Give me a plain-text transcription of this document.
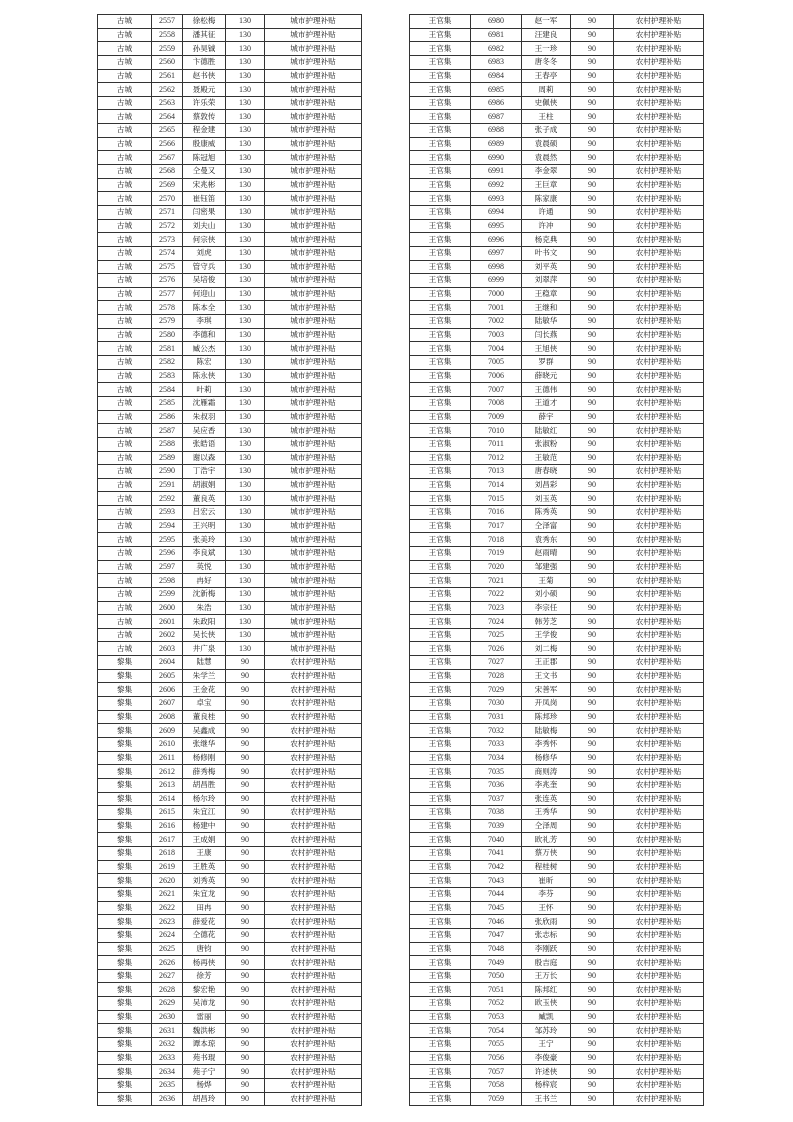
古城	2557	徐松梅	130	城市护理补贴
古城	2558	潘其征	130	城市护理补贴
古城	2559	孙昊铖	130	城市护理补贴
古城	2560	卞德胜	130	城市护理补贴
古城	2561	赵书侠	130	城市护理补贴
古城	2562	聂殿元	130	城市护理补贴
古城	2563	许乐荣	130	城市护理补贴
古城	2564	蔡敦传	130	城市护理补贴
古城	2565	程金建	130	城市护理补贴
古城	2566	殷康威	130	城市护理补贴
古城	2567	陈冠旭	130	城市护理补贴
古城	2568	仝曼又	130	城市护理补贴
古城	2569	宋兆彬	130	城市护理补贴
古城	2570	崔钰笛	130	城市护理补贴
古城	2571	闫密果	130	城市护理补贴
古城	2572	刘夫山	130	城市护理补贴
古城	2573	何宗侠	130	城市护理补贴
古城	2574	刘虎	130	城市护理补贴
古城	2575	管守兵	130	城市护理补贴
古城	2576	吴培俊	130	城市护理补贴
古城	2577	何迎山	130	城市护理补贴
古城	2578	陈本全	130	城市护理补贴
古城	2579	李琪	130	城市护理补贴
古城	2580	李德和	130	城市护理补贴
古城	2581	臧公杰	130	城市护理补贴
古城	2582	陈宏	130	城市护理补贴
古城	2583	陈永侠	130	城市护理补贴
古城	2584	叶莉	130	城市护理补贴
古城	2585	沈雁霜	130	城市护理补贴
古城	2586	朱叔羽	130	城市护理补贴
古城	2587	吴应香	130	城市护理补贴
古城	2588	张皓语	130	城市护理补贴
古城	2589	谢以森	130	城市护理补贴
古城	2590	丁浩宇	130	城市护理补贴
古城	2591	胡淑娟	130	城市护理补贴
古城	2592	董良英	130	城市护理补贴
古城	2593	吕宏云	130	城市护理补贴
古城	2594	王兴明	130	城市护理补贴
古城	2595	张美玲	130	城市护理补贴
古城	2596	李良斌	130	城市护理补贴
古城	2597	英悦	130	城市护理补贴
古城	2598	冉好	130	城市护理补贴
古城	2599	沈新梅	130	城市护理补贴
古城	2600	朱浩	130	城市护理补贴
古城	2601	朱政阳	130	城市护理补贴
古城	2602	吴长侠	130	城市护理补贴
古城	2603	井广泉	130	城市护理补贴
黎集	2604	陆慧	90	农村护理补贴
黎集	2605	朱学兰	90	农村护理补贴
黎集	2606	王金花	90	农村护理补贴
黎集	2607	卓宝	90	农村护理补贴
黎集	2608	董良桂	90	农村护理补贴
黎集	2609	吴鑫成	90	农村护理补贴
黎集	2610	张继华	90	农村护理补贴
黎集	2611	杨修刚	90	农村护理补贴
黎集	2612	薛秀梅	90	农村护理补贴
黎集	2613	胡昌胜	90	农村护理补贴
黎集	2614	杨尔玲	90	农村护理补贴
黎集	2615	朱宜江	90	农村护理补贴
黎集	2616	杨建中	90	农村护理补贴
黎集	2617	王成娟	90	农村护理补贴
黎集	2618	王康	90	农村护理补贴
黎集	2619	王胜英	90	农村护理补贴
黎集	2620	刘秀英	90	农村护理补贴
黎集	2621	朱宜龙	90	农村护理补贴
黎集	2622	田冉	90	农村护理补贴
黎集	2623	薛爱花	90	农村护理补贴
黎集	2624	仝德花	90	农村护理补贴
黎集	2625	唐钧	90	农村护理补贴
黎集	2626	杨再侠	90	农村护理补贴
黎集	2627	徐芳	90	农村护理补贴
黎集	2628	黎宏艳	90	农村护理补贴
黎集	2629	吴沛龙	90	农村护理补贴
黎集	2630	雷丽	90	农村护理补贴
黎集	2631	魏洪彬	90	农村护理补贴
黎集	2632	谭本琼	90	农村护理补贴
黎集	2633	苑书琨	90	农村护理补贴
黎集	2634	苑子宁	90	农村护理补贴
黎集	2635	杨烨	90	农村护理补贴
黎集	2636	胡昌玲	90	农村护理补贴
王官集	6980	赵一军	90	农村护理补贴
王官集	6981	汪建良	90	农村护理补贴
王官集	6982	王一珍	90	农村护理补贴
王官集	6983	唐冬冬	90	农村护理补贴
王官集	6984	王春亭	90	农村护理补贴
王官集	6985	周莉	90	农村护理补贴
王官集	6986	史佩侠	90	农村护理补贴
王官集	6987	王柱	90	农村护理补贴
王官集	6988	张子成	90	农村护理补贴
王官集	6989	袁晨硕	90	农村护理补贴
王官集	6990	袁晨然	90	农村护理补贴
王官集	6991	李金翠	90	农村护理补贴
王官集	6992	王巨章	90	农村护理补贴
王官集	6993	陈家康	90	农村护理补贴
王官集	6994	许通	90	农村护理补贴
王官集	6995	许冲	90	农村护理补贴
王官集	6996	杨克典	90	农村护理补贴
王官集	6997	叶书文	90	农村护理补贴
王官集	6998	刘平英	90	农村护理补贴
王官集	6999	刘翠萍	90	农村护理补贴
王官集	7000	王稳章	90	农村护理补贴
王官集	7001	王继和	90	农村护理补贴
王官集	7002	陆敏华	90	农村护理补贴
王官集	7003	闫长燕	90	农村护理补贴
王官集	7004	王旭侠	90	农村护理补贴
王官集	7005	罗群	90	农村护理补贴
王官集	7006	薛晓元	90	农村护理补贴
王官集	7007	王德伟	90	农村护理补贴
王官集	7008	王道才	90	农村护理补贴
王官集	7009	薛宇	90	农村护理补贴
王官集	7010	陆敏红	90	农村护理补贴
王官集	7011	张淑粉	90	农村护理补贴
王官集	7012	王敏范	90	农村护理补贴
王官集	7013	唐春晓	90	农村护理补贴
王官集	7014	刘昌彩	90	农村护理补贴
王官集	7015	刘玉英	90	农村护理补贴
王官集	7016	陈秀英	90	农村护理补贴
王官集	7017	仝泽富	90	农村护理补贴
王官集	7018	袁秀东	90	农村护理补贴
王官集	7019	赵雨晴	90	农村护理补贴
王官集	7020	邹建强	90	农村护理补贴
王官集	7021	王菊	90	农村护理补贴
王官集	7022	刘小硕	90	农村护理补贴
王官集	7023	李宗任	90	农村护理补贴
王官集	7024	韩芳芝	90	农村护理补贴
王官集	7025	王学俊	90	农村护理补贴
王官集	7026	刘二梅	90	农村护理补贴
王官集	7027	王正郡	90	农村护理补贴
王官集	7028	王文书	90	农村护理补贴
王官集	7029	宋善军	90	农村护理补贴
王官集	7030	开凤岗	90	农村护理补贴
王官集	7031	陈邦珍	90	农村护理补贴
王官集	7032	陆敏梅	90	农村护理补贴
王官集	7033	李秀怀	90	农村护理补贴
王官集	7034	杨修华	90	农村护理补贴
王官集	7035	商则涛	90	农村护理补贴
王官集	7036	李兆奎	90	农村护理补贴
王官集	7037	张连英	90	农村护理补贴
王官集	7038	王秀华	90	农村护理补贴
王官集	7039	仝泽周	90	农村护理补贴
王官集	7040	欧礼芳	90	农村护理补贴
王官集	7041	蔡万侠	90	农村护理补贴
王官集	7042	程桂树	90	农村护理补贴
王官集	7043	崔昕	90	农村护理补贴
王官集	7044	李芬	90	农村护理补贴
王官集	7045	王怀	90	农村护理补贴
王官集	7046	张欣雨	90	农村护理补贴
王官集	7047	张志标	90	农村护理补贴
王官集	7048	李刚跃	90	农村护理补贴
王官集	7049	殷吉庭	90	农村护理补贴
王官集	7050	王万长	90	农村护理补贴
王官集	7051	陈邦红	90	农村护理补贴
王官集	7052	欧玉侠	90	农村护理补贴
王官集	7053	臧凯	90	农村护理补贴
王官集	7054	邹苏玲	90	农村护理补贴
王官集	7055	王宁	90	农村护理补贴
王官集	7056	李俊豪	90	农村护理补贴
王官集	7057	许述侠	90	农村护理补贴
王官集	7058	杨梓宸	90	农村护理补贴
王官集	7059	王书兰	90	农村护理补贴
